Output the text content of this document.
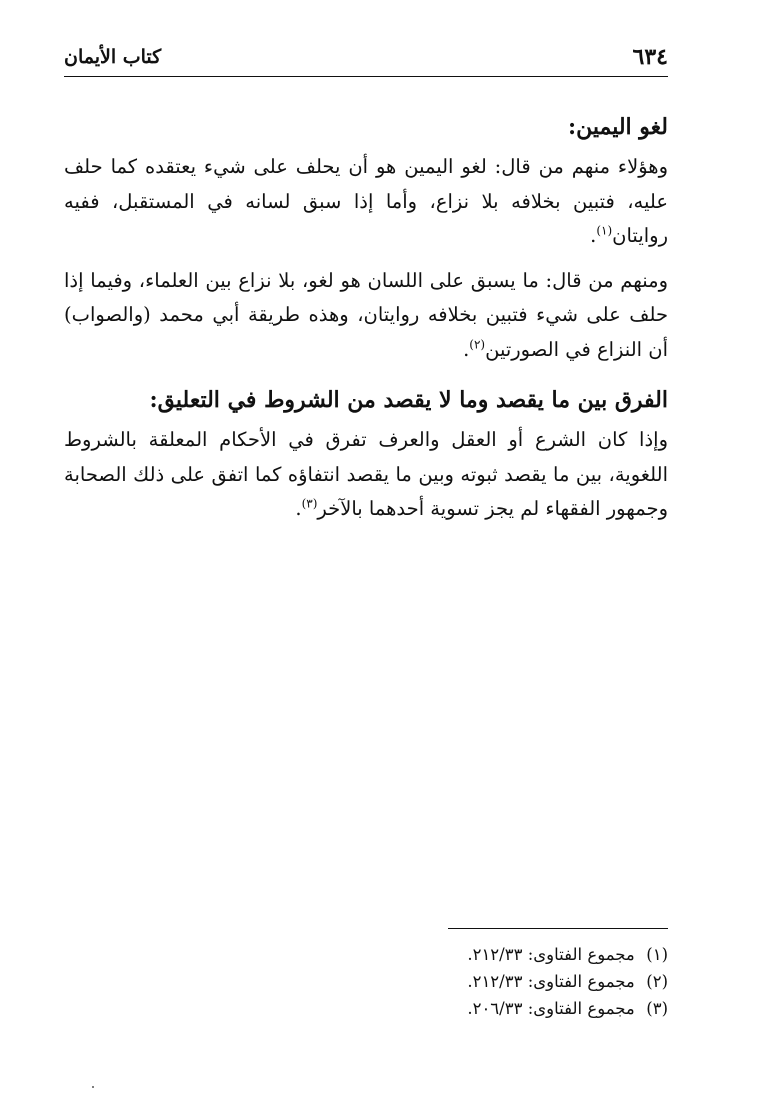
٦٣٤
كتاب الأيمان
لغو اليمين:

وهؤلاء منهم من قال: لغو اليمين هو أن يحلف على شيء يعتقده كما حلف عليه، فتبين بخلافه بلا نزاع، وأما إذا سبق لسانه في المستقبل، ففيه روايتان$^{(١)}$.

ومنهم من قال: ما يسبق على اللسان هو لغو، بلا نزاع بين العلماء، وفيما إذا حلف على شيء فتبين بخلافه روايتان، وهذه طريقة أبي محمد (والصواب) أن النزاع في الصورتين$^{(٢)}$.

الفرق بين ما يقصد وما لا يقصد من الشروط في التعليق:

وإذا كان الشرع أو العقل والعرف تفرق في الأحكام المعلقة بالشروط اللغوية، بين ما يقصد ثبوته وبين ما يقصد انتفاؤه كما اتفق على ذلك الصحابة وجمهور الفقهاء لم يجز تسوية أحدهما بالآخر$^{(٣)}$.

(١) مجموع الفتاوى: ٢١٢/٣٣.
(٢) مجموع الفتاوى: ٢١٢/٣٣.
(٣) مجموع الفتاوى: ٢٠٦/٣٣.
